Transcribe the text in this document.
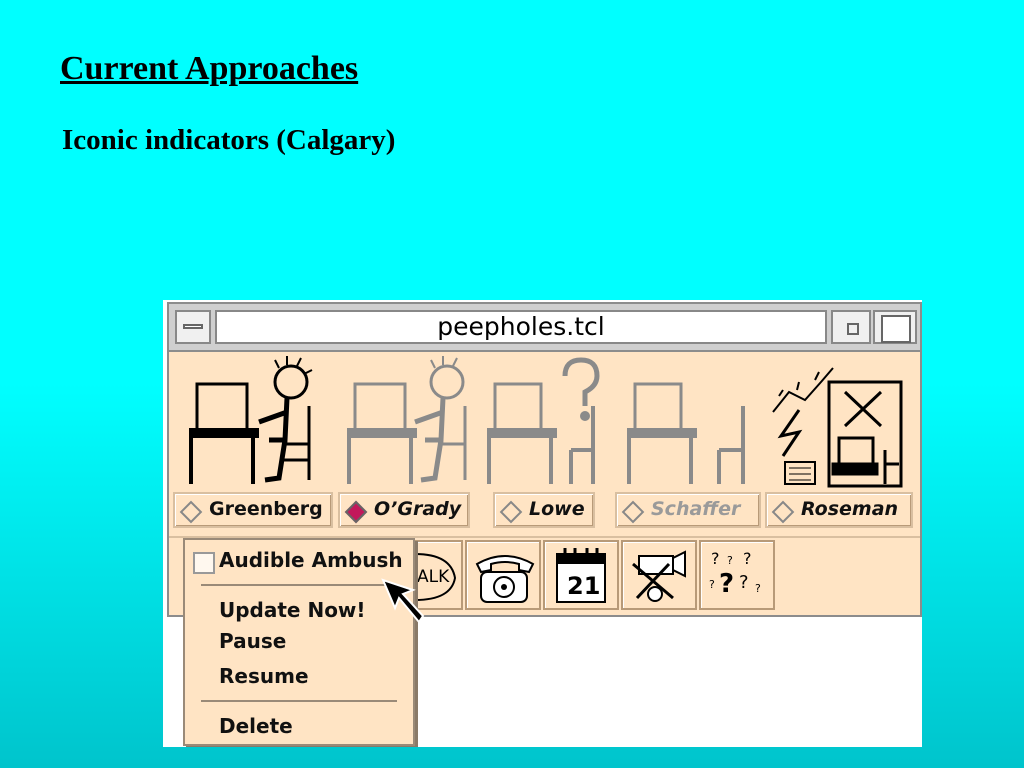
Current Approaches
Iconic indicators (Calgary)
peepholes.tcl
Greenberg	O’Grady	Lowe	Schaffer	Roseman
ALK	21
? ? ?
? ? ? ?
Audible Ambush
Update Now!
Pause
Resume
Delete
